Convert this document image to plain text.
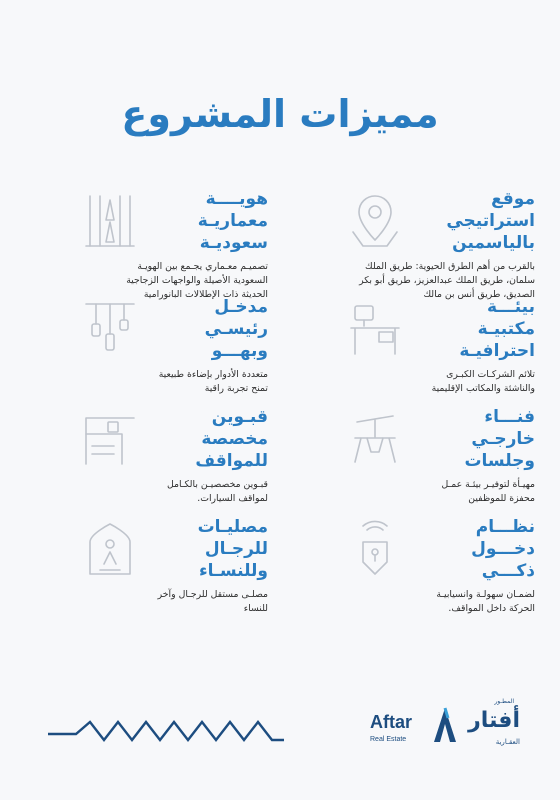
مميزات المشروع
موقع
استراتيجي
بالياسمين
بالقرب من أهم الطرق الحيوية: طريق الملك
سلمان، طريق الملك عبدالعزيز، طريق أبو بكر
الصديق، طريق أنس بن مالك
هويــــة
معماريـة
سعوديـة
تصميـم معـماري يجـمع بين الهويـة
السعودية الأصيلة والواجهات الزجاجية
الحديثة ذات الإطلالات البانورامية
بيئـــة
مكتبيـة
احترافيـة
تلائم الشركـات الكبـرى
والناشئة والمكاتب الإقليمية
مدخـل
رئيسـي
وبهـــو
متعددة الأدوار بإضاءة طبيعية
تمنح تجربة راقية
فنـــاء
خارجـي
وجلسات
مهيـأة لتوفيـر بيئـة عمـل
محفزة للموظفين
قبـوين
مخصصة
للمواقف
قبـوين مخصصيـن بالكـامل
لمواقف السيارات.
نظـــام
دخـــول
ذكـــي
لضمـان سهولـة وانسيابيـة
الحركة داخل المواقف.
مصليـات
للرجـال
وللنسـاء
مصلـى مستقل للرجـال وآخر
للنساء
Aftar
Real Estate
المطـور
أفتار
العقـارية
